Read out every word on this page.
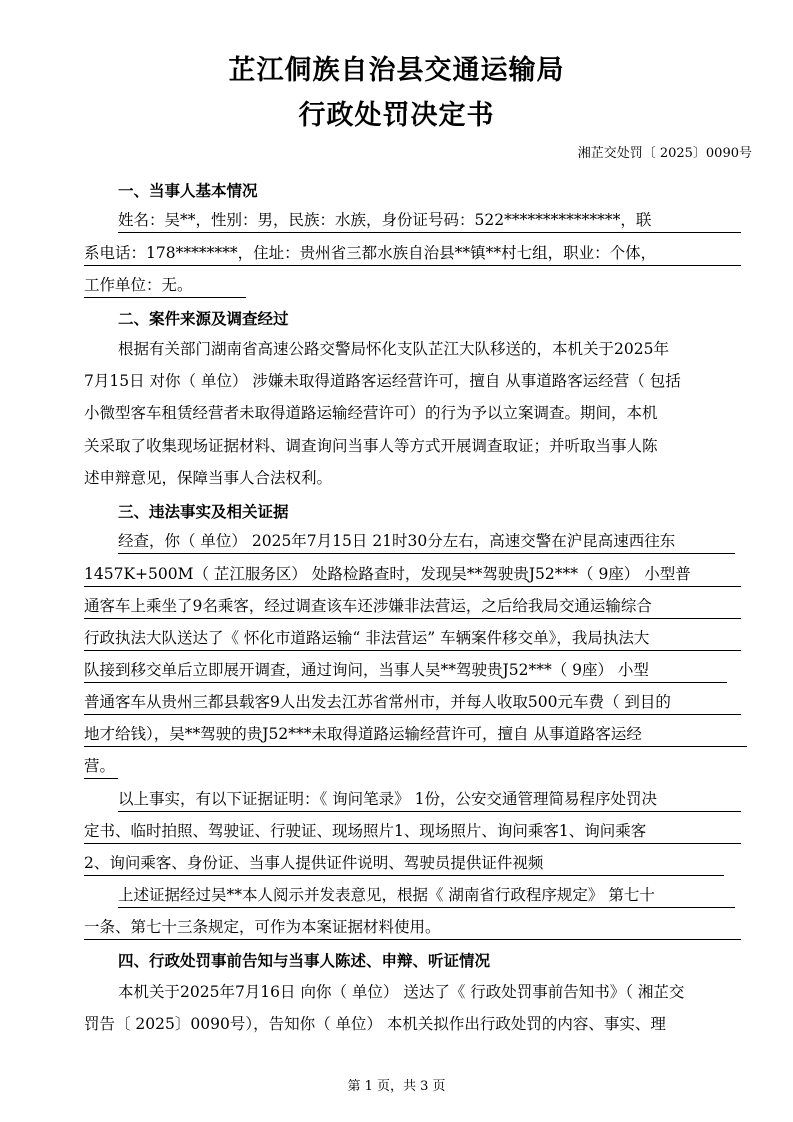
芷江侗族自治县交通运输局
行政处罚决定书
湘芷交处罚〔 2025〕0090号
一、当事人基本情况
姓名：吴**，性别：男，民族：水族，身份证号码：522***************，联
系电话：178********，住址：贵州省三都水族自治县**镇**村七组，职业：个体，
工作单位：无。
二、案件来源及调查经过
根据有关部门湖南省高速公路交警局怀化支队芷江大队移送的，本机关于2025年
7月15日 对你（ 单位） 涉嫌未取得道路客运经营许可，擅自 从事道路客运经营（ 包括
小微型客车租赁经营者未取得道路运输经营许可）的行为予以立案调查。期间，本机
关采取了收集现场证据材料、调查询问当事人等方式开展调查取证；并听取当事人陈
述申辩意见，保障当事人合法权利。
三、违法事实及相关证据
经查，你（ 单位） 2025年7月15日 21时30分左右，高速交警在沪昆高速西往东
1457K+500M（ 芷江服务区） 处路检路查时，发现吴**驾驶贵J52***（ 9座） 小型普
通客车上乘坐了9名乘客，经过调查该车还涉嫌非法营运，之后给我局交通运输综合
行政执法大队送达了《 怀化市道路运输“ 非法营运” 车辆案件移交单》，我局执法大
队接到移交单后立即展开调查，通过询问，当事人吴**驾驶贵J52***（ 9座） 小型
普通客车从贵州三都县载客9人出发去江苏省常州市，并每人收取500元车费（ 到目的
地才给钱），吴**驾驶的贵J52***未取得道路运输经营许可，擅自 从事道路客运经
营。
以上事实，有以下证据证明：《 询问笔录》 1份，公安交通管理简易程序处罚决
定书、临时拍照、驾驶证、行驶证、现场照片1、现场照片、询问乘客1、询问乘客
2、询问乘客、身份证、当事人提供证件说明、驾驶员提供证件视频
上述证据经过吴**本人阅示并发表意见，根据《 湖南省行政程序规定》 第七十
一条、第七十三条规定，可作为本案证据材料使用。
四、行政处罚事前告知与当事人陈述、申辩、听证情况
本机关于2025年7月16日 向你（ 单位） 送达了《 行政处罚事前告知书》（ 湘芷交
罚告〔 2025〕0090号），告知你（ 单位） 本机关拟作出行政处罚的内容、事实、理
第 1 页，共 3 页
